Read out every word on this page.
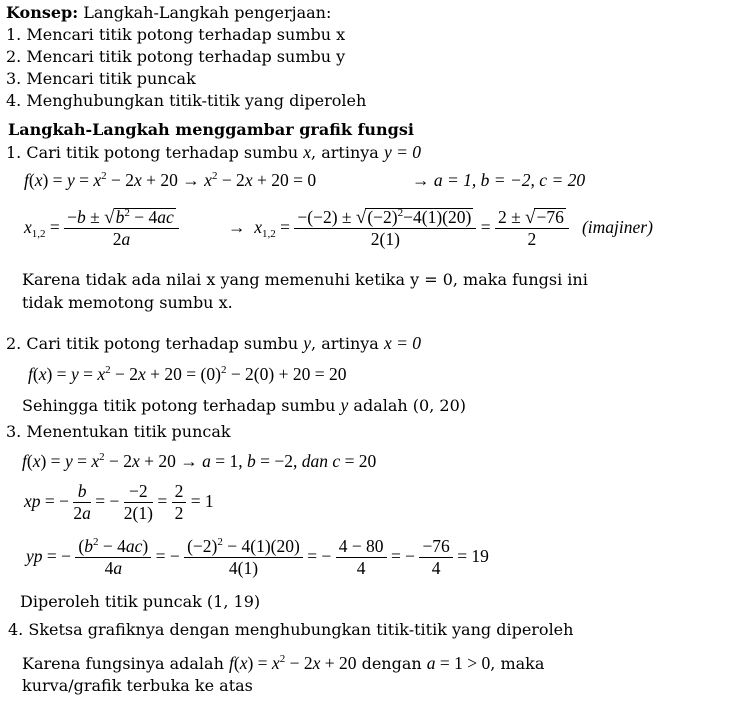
Konsep: Langkah-Langkah pengerjaan:
1. Mencari titik potong terhadap sumbu x
2. Mencari titik potong terhadap sumbu y
3. Mencari titik puncak
4. Menghubungkan titik-titik yang diperoleh
Langkah-Langkah menggambar grafik fungsi
1. Cari titik potong terhadap sumbu x, artinya y = 0
$f(x) = y = x^2 - 2x + 20 \to x^2 - 2x + 20 = 0$	→ a = 1, b = −2, c = 20
$x_{1,2} = \frac{-b \pm √b^2 - 4ac}{2a}$	→  $x_{1,2} = \frac{-(-2) \pm √(-2)^2-4(1)(20)}{2(1)} = \frac{2 \pm √-76}{2}$ (imajiner)
Karena tidak ada nilai x yang memenuhi ketika y = 0, maka fungsi ini
tidak memotong sumbu x.
2. Cari titik potong terhadap sumbu y, artinya x = 0
$f(x) = y = x^2 - 2x + 20 = (0)^2 - 2(0) + 20 = 20$
Sehingga titik potong terhadap sumbu y adalah (0, 20)
3. Menentukan titik puncak
$f(x) = y = x^2 - 2x + 20 \to a = 1$, b = −2, dan c = 20
xp = − $\frac{b}{2a}$ = − $\frac{-2}{2(1)} = \frac{2}{2} = 1$
yp = − $\frac{(b^2 - 4ac)}{4a}$ = − $\frac{(-2)^2 - 4(1)(20)}{4(1)}$ = − $\frac{4 - 80}{4}$ = − $\frac{-76}{4} = 19$
Diperoleh titik puncak (1, 19)
4. Sketsa grafiknya dengan menghubungkan titik-titik yang diperoleh
Karena fungsinya adalah $f(x) = x^2 - 2x + 20$ dengan a = 1 > 0, maka
kurva/grafik terbuka ke atas
